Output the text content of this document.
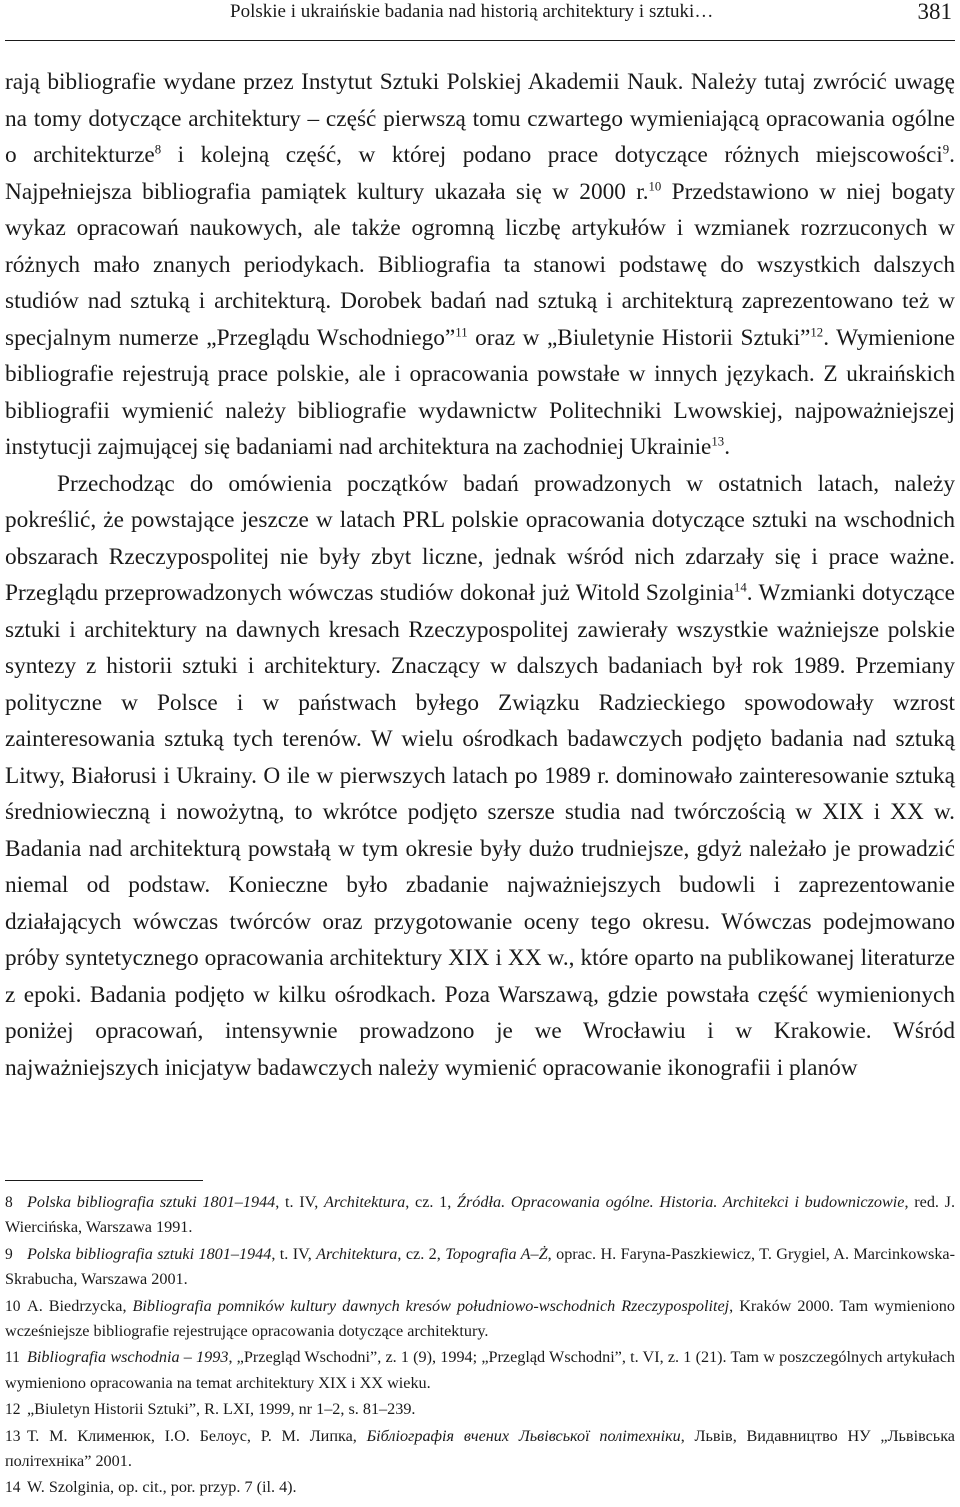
Polskie i ukraińskie badania nad historią architektury i sztuki…	381

rają bibliografie wydane przez Instytut Sztuki Polskiej Akademii Nauk. Należy tutaj zwrócić uwagę na tomy dotyczące architektury – część pierwszą tomu czwartego wymieniającą opracowania ogólne o architekturze$^8$ i kolejną część, w której podano prace dotyczące różnych miejscowości$^9$. Najpełniejsza bibliografia pamiątek kultury ukazała się w 2000 r.$^{10}$ Przedstawiono w niej bogaty wykaz opracowań naukowych, ale także ogromną liczbę artykułów i wzmianek rozrzuconych w różnych mało znanych periodykach. Bibliografia ta stanowi podstawę do wszystkich dalszych studiów nad sztuką i architekturą. Dorobek badań nad sztuką i architekturą zaprezentowano też w specjalnym numerze „Przeglądu Wschodniego”$^{11}$ oraz w „Biuletynie Historii Sztuki”$^{12}$. Wymienione bibliografie rejestrują prace polskie, ale i opracowania powstałe w innych językach. Z ukraińskich bibliografii wymienić należy bibliografie wydawnictw Politechniki Lwowskiej, najpoważniejszej instytucji zajmującej się badaniami nad architektura na zachodniej Ukrainie$^{13}$.

Przechodząc do omówienia początków badań prowadzonych w ostatnich latach, należy pokreślić, że powstające jeszcze w latach PRL polskie opracowania dotyczące sztuki na wschodnich obszarach Rzeczypospolitej nie były zbyt liczne, jednak wśród nich zdarzały się i prace ważne. Przeglądu przeprowadzonych wówczas studiów dokonał już Witold Szolginia$^{14}$. Wzmianki dotyczące sztuki i architektury na dawnych kresach Rzeczypospolitej zawierały wszystkie ważniejsze polskie syntezy z historii sztuki i architektury. Znaczący w dalszych badaniach był rok 1989. Przemiany polityczne w Polsce i w państwach byłego Związku Radzieckiego spowodowały wzrost zainteresowania sztuką tych terenów. W wielu ośrodkach badawczych podjęto badania nad sztuką Litwy, Białorusi i Ukrainy. O ile w pierwszych latach po 1989 r. dominowało zainteresowanie sztuką średniowieczną i nowożytną, to wkrótce podjęto szersze studia nad twórczością w XIX i XX w. Badania nad architekturą powstałą w tym okresie były dużo trudniejsze, gdyż należało je prowadzić niemal od podstaw. Konieczne było zbadanie najważniejszych budowli i zaprezentowanie działających wówczas twórców oraz przygotowanie oceny tego okresu. Wówczas podejmowano próby syntetycznego opracowania architektury XIX i XX w., które oparto na publikowanej literaturze z epoki. Badania podjęto w kilku ośrodkach. Poza Warszawą, gdzie powstała część wymienionych poniżej opracowań, intensywnie prowadzono je we Wrocławiu i w Krakowie. Wśród najważniejszych inicjatyw badawczych należy wymienić opracowanie ikonografii i planów

8 Polska bibliografia sztuki 1801–1944, t. IV, Architektura, cz. 1, Źródła. Opracowania ogólne. Historia. Architekci i budowniczowie, red. J. Wiercińska, Warszawa 1991.

9 Polska bibliografia sztuki 1801–1944, t. IV, Architektura, cz. 2, Topografia A–Ż, oprac. H. Faryna-Paszkiewicz, T. Grygiel, A. Marcinkowska-Skrabucha, Warszawa 2001.

10 A. Biedrzycka, Bibliografia pomników kultury dawnych kresów południowo-wschodnich Rzeczypospolitej, Kraków 2000. Tam wymieniono wcześniejsze bibliografie rejestrujące opracowania dotyczące architektury.

11 Bibliografia wschodnia – 1993, „Przegląd Wschodni”, z. 1 (9), 1994; „Przegląd Wschodni”, t. VI, z. 1 (21). Tam w poszczególnych artykułach wymieniono opracowania na temat architektury XIX i XX wieku.

12 „Biuletyn Historii Sztuki”, R. LXI, 1999, nr 1–2, s. 81–239.

13 Т. М. Клименюк, І.О. Белоус, Р. М. Липка, Бібліографія вчених Львівської політехніки, Львів, Видавництво НУ „Львівська політехніка” 2001.

14 W. Szolginia, op. cit., por. przyp. 7 (il. 4).
